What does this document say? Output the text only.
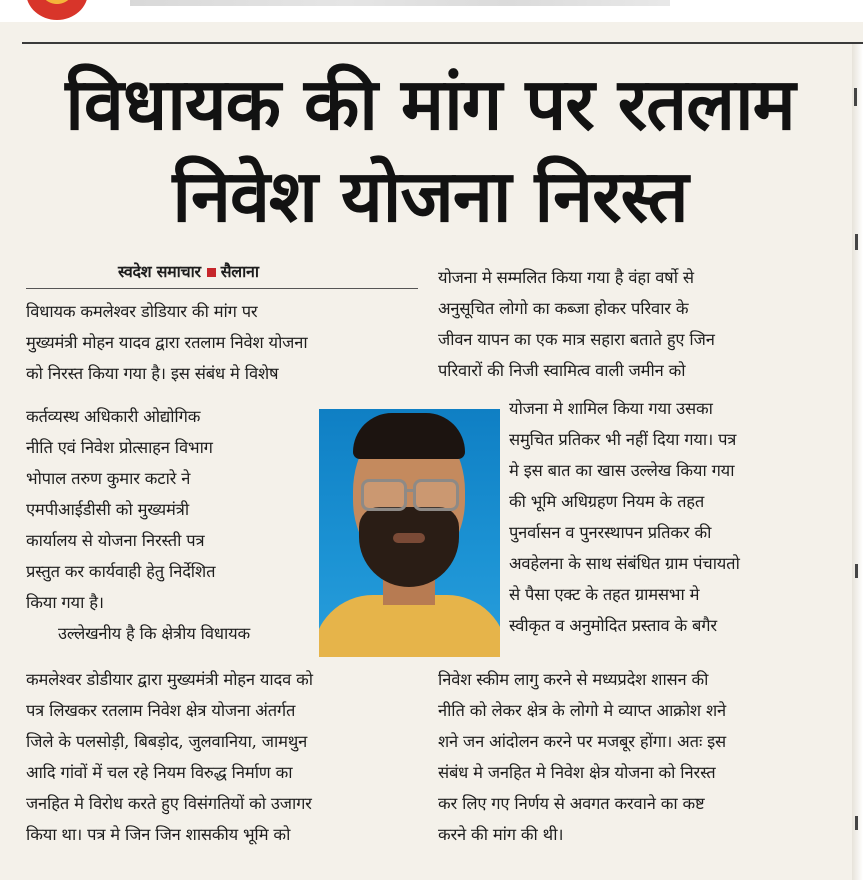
विधायक की मांग पर रतलाम
निवेश योजना निरस्त
स्वदेश समाचार सैलाना

विधायक कमलेश्वर डोडियार की मांग पर

मुख्यमंत्री मोहन यादव द्वारा रतलाम निवेश योजना

को निरस्त किया गया है। इस संबंध मे विशेष

कर्तव्यस्थ अधिकारी ओद्योगिक

नीति एवं निवेश प्रोत्साहन विभाग

भोपाल तरुण कुमार कटारे ने

एमपीआईडीसी को मुख्यमंत्री

कार्यालय से योजना निरस्ती पत्र

प्रस्तुत कर कार्यवाही हेतु निर्देशित

किया गया है।

उल्लेखनीय है कि क्षेत्रीय विधायक

कमलेश्वर डोडीयार द्वारा मुख्यमंत्री मोहन यादव को

पत्र लिखकर रतलाम निवेश क्षेत्र योजना अंतर्गत

जिले के पलसोड़ी, बिबड़ोद, जुलवानिया, जामथुन

आदि गांवों में चल रहे नियम विरुद्ध निर्माण का

जनहित मे विरोध करते हुए विसंगतियों को उजागर

किया था। पत्र मे जिन जिन शासकीय भूमि को

योजना मे सम्मलित किया गया है वंहा वर्षो से

अनुसूचित लोगो का कब्जा होकर परिवार के

जीवन यापन का एक मात्र सहारा बताते हुए जिन

परिवारों की निजी स्वामित्व वाली जमीन को

योजना मे शामिल किया गया उसका

समुचित प्रतिकर भी नहीं दिया गया। पत्र

मे इस बात का खास उल्लेख किया गया

की भूमि अधिग्रहण नियम के तहत

पुनर्वासन व पुनरस्थापन प्रतिकर की

अवहेलना के साथ संबंधित ग्राम पंचायतो

से पैसा एक्ट के तहत ग्रामसभा मे

स्वीकृत व अनुमोदित प्रस्ताव के बगैर

निवेश स्कीम लागु करने से मध्यप्रदेश शासन की

नीति को लेकर क्षेत्र के लोगो मे व्याप्त आक्रोश शने

शने जन आंदोलन करने पर मजबूर होंगा। अतः इस

संबंध मे जनहित मे निवेश क्षेत्र योजना को निरस्त

कर लिए गए निर्णय से अवगत करवाने का कष्ट

करने की मांग की थी।
